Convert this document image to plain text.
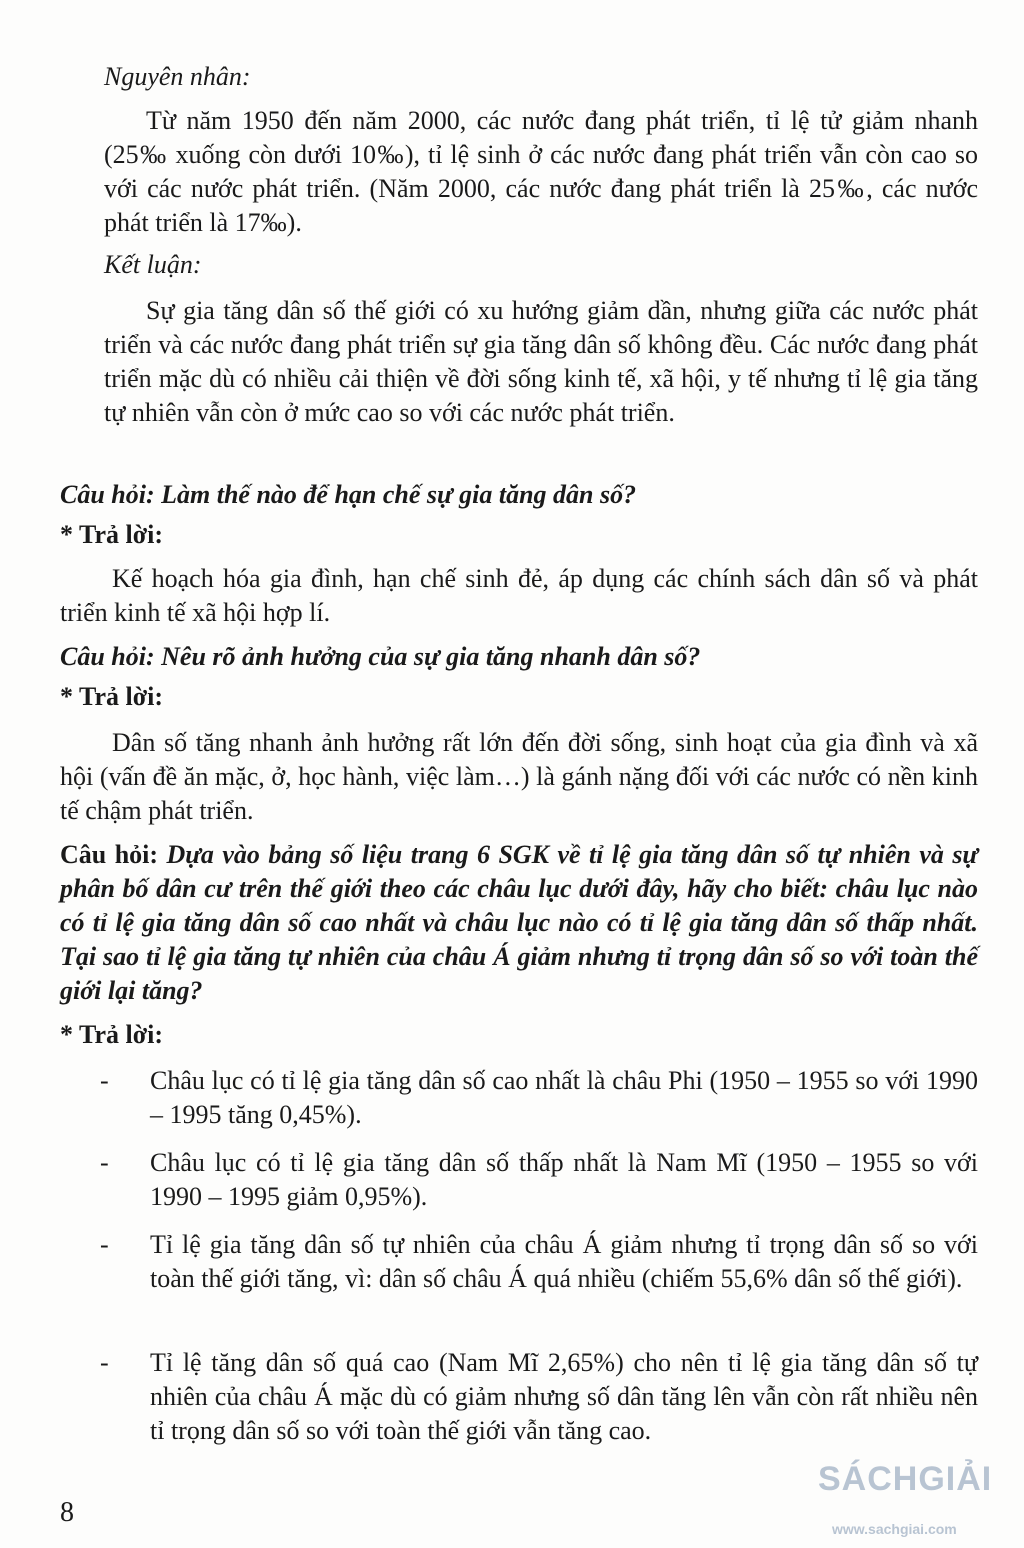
Nguyên nhân:
Từ năm 1950 đến năm 2000, các nước đang phát triển, tỉ lệ tử giảm nhanh (25‰ xuống còn dưới 10‰), tỉ lệ sinh ở các nước đang phát triển vẫn còn cao so với các nước phát triển. (Năm 2000, các nước đang phát triển là 25‰, các nước phát triển là 17‰).
Kết luận:
Sự gia tăng dân số thế giới có xu hướng giảm dần, nhưng giữa các nước phát triển và các nước đang phát triển sự gia tăng dân số không đều. Các nước đang phát triển mặc dù có nhiều cải thiện về đời sống kinh tế, xã hội, y tế nhưng tỉ lệ gia tăng tự nhiên vẫn còn ở mức cao so với các nước phát triển.
Câu hỏi: Làm thế nào để hạn chế sự gia tăng dân số?
* Trả lời:
Kế hoạch hóa gia đình, hạn chế sinh đẻ, áp dụng các chính sách dân số và phát triển kinh tế xã hội hợp lí.
Câu hỏi: Nêu rõ ảnh hưởng của sự gia tăng nhanh dân số?
* Trả lời:
Dân số tăng nhanh ảnh hưởng rất lớn đến đời sống, sinh hoạt của gia đình và xã hội (vấn đề ăn mặc, ở, học hành, việc làm…) là gánh nặng đối với các nước có nền kinh tế chậm phát triển.
Câu hỏi: Dựa vào bảng số liệu trang 6 SGK về tỉ lệ gia tăng dân số tự nhiên và sự phân bố dân cư trên thế giới theo các châu lục dưới đây, hãy cho biết: châu lục nào có tỉ lệ gia tăng dân số cao nhất và châu lục nào có tỉ lệ gia tăng dân số thấp nhất. Tại sao tỉ lệ gia tăng tự nhiên của châu Á giảm nhưng tỉ trọng dân số so với toàn thế giới lại tăng?
* Trả lời:
-	Châu lục có tỉ lệ gia tăng dân số cao nhất là châu Phi (1950 – 1955 so với 1990 – 1995 tăng 0,45%).
-	Châu lục có tỉ lệ gia tăng dân số thấp nhất là Nam Mĩ (1950 – 1955 so với 1990 – 1995 giảm 0,95%).
-	Tỉ lệ gia tăng dân số tự nhiên của châu Á giảm nhưng tỉ trọng dân số so với toàn thế giới tăng, vì: dân số châu Á quá nhiều (chiếm 55,6% dân số thế giới).
-	Tỉ lệ tăng dân số quá cao (Nam Mĩ 2,65%) cho nên tỉ lệ gia tăng dân số tự nhiên của châu Á mặc dù có giảm nhưng số dân tăng lên vẫn còn rất nhiều nên tỉ trọng dân số so với toàn thế giới vẫn tăng cao.
8
SÁCHGIẢI
www.sachgiai.com
